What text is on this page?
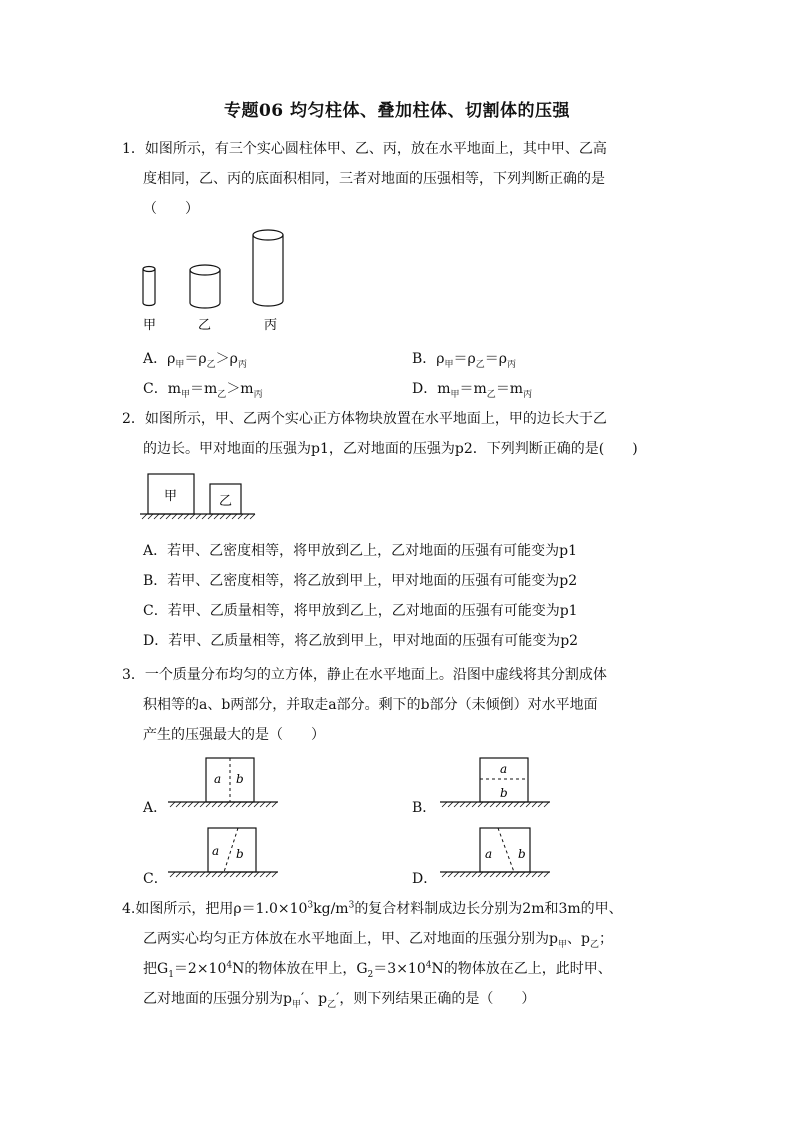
专题06 均匀柱体、叠加柱体、切割体的压强
1．如图所示，有三个实心圆柱体甲、乙、丙，放在水平地面上，其中甲、乙高
度相同，乙、丙的底面积相同，三者对地面的压强相等，下列判断正确的是
（　　）
甲	乙	丙
A．$\rho_甲=\rho_乙>\rho_丙$	B．$\rho_甲=\rho_乙=\rho_丙$
C．$m_甲=m_乙>m_丙$	D．$m_甲=m_乙=m_丙$
2．如图所示，甲、乙两个实心正方体物块放置在水平地面上，甲的边长大于乙
的边长。甲对地面的压强为p1，乙对地面的压强为p2．下列判断正确的是(　　)
甲	乙
A．若甲、乙密度相等，将甲放到乙上，乙对地面的压强有可能变为p1
B．若甲、乙密度相等，将乙放到甲上，甲对地面的压强有可能变为p2
C．若甲、乙质量相等，将甲放到乙上，乙对地面的压强有可能变为p1
D．若甲、乙质量相等，将乙放到甲上，甲对地面的压强有可能变为p2
3．一个质量分布均匀的立方体，静止在水平地面上。沿图中虚线将其分割成体
积相等的a、b两部分，并取走a部分。剩下的b部分（未倾倒）对水平地面
产生的压强最大的是（　　）
a b
A．
a
b
B．
a b
C．
a b
D．
4.如图所示，把用$\rho=1.0\times 10^3kg/m^3$的复合材料制成边长分别为2m和3m的甲、
乙两实心均匀正方体放在水平地面上，甲、乙对地面的压强分别为$p_甲$、$p_乙$；
把$G_1=2\times 10^4N$的物体放在甲上，$G_2=3\times 10^4N$的物体放在乙上，此时甲、
乙对地面的压强分别为$p_甲'$、$p_乙'$，则下列结果正确的是（　　）
